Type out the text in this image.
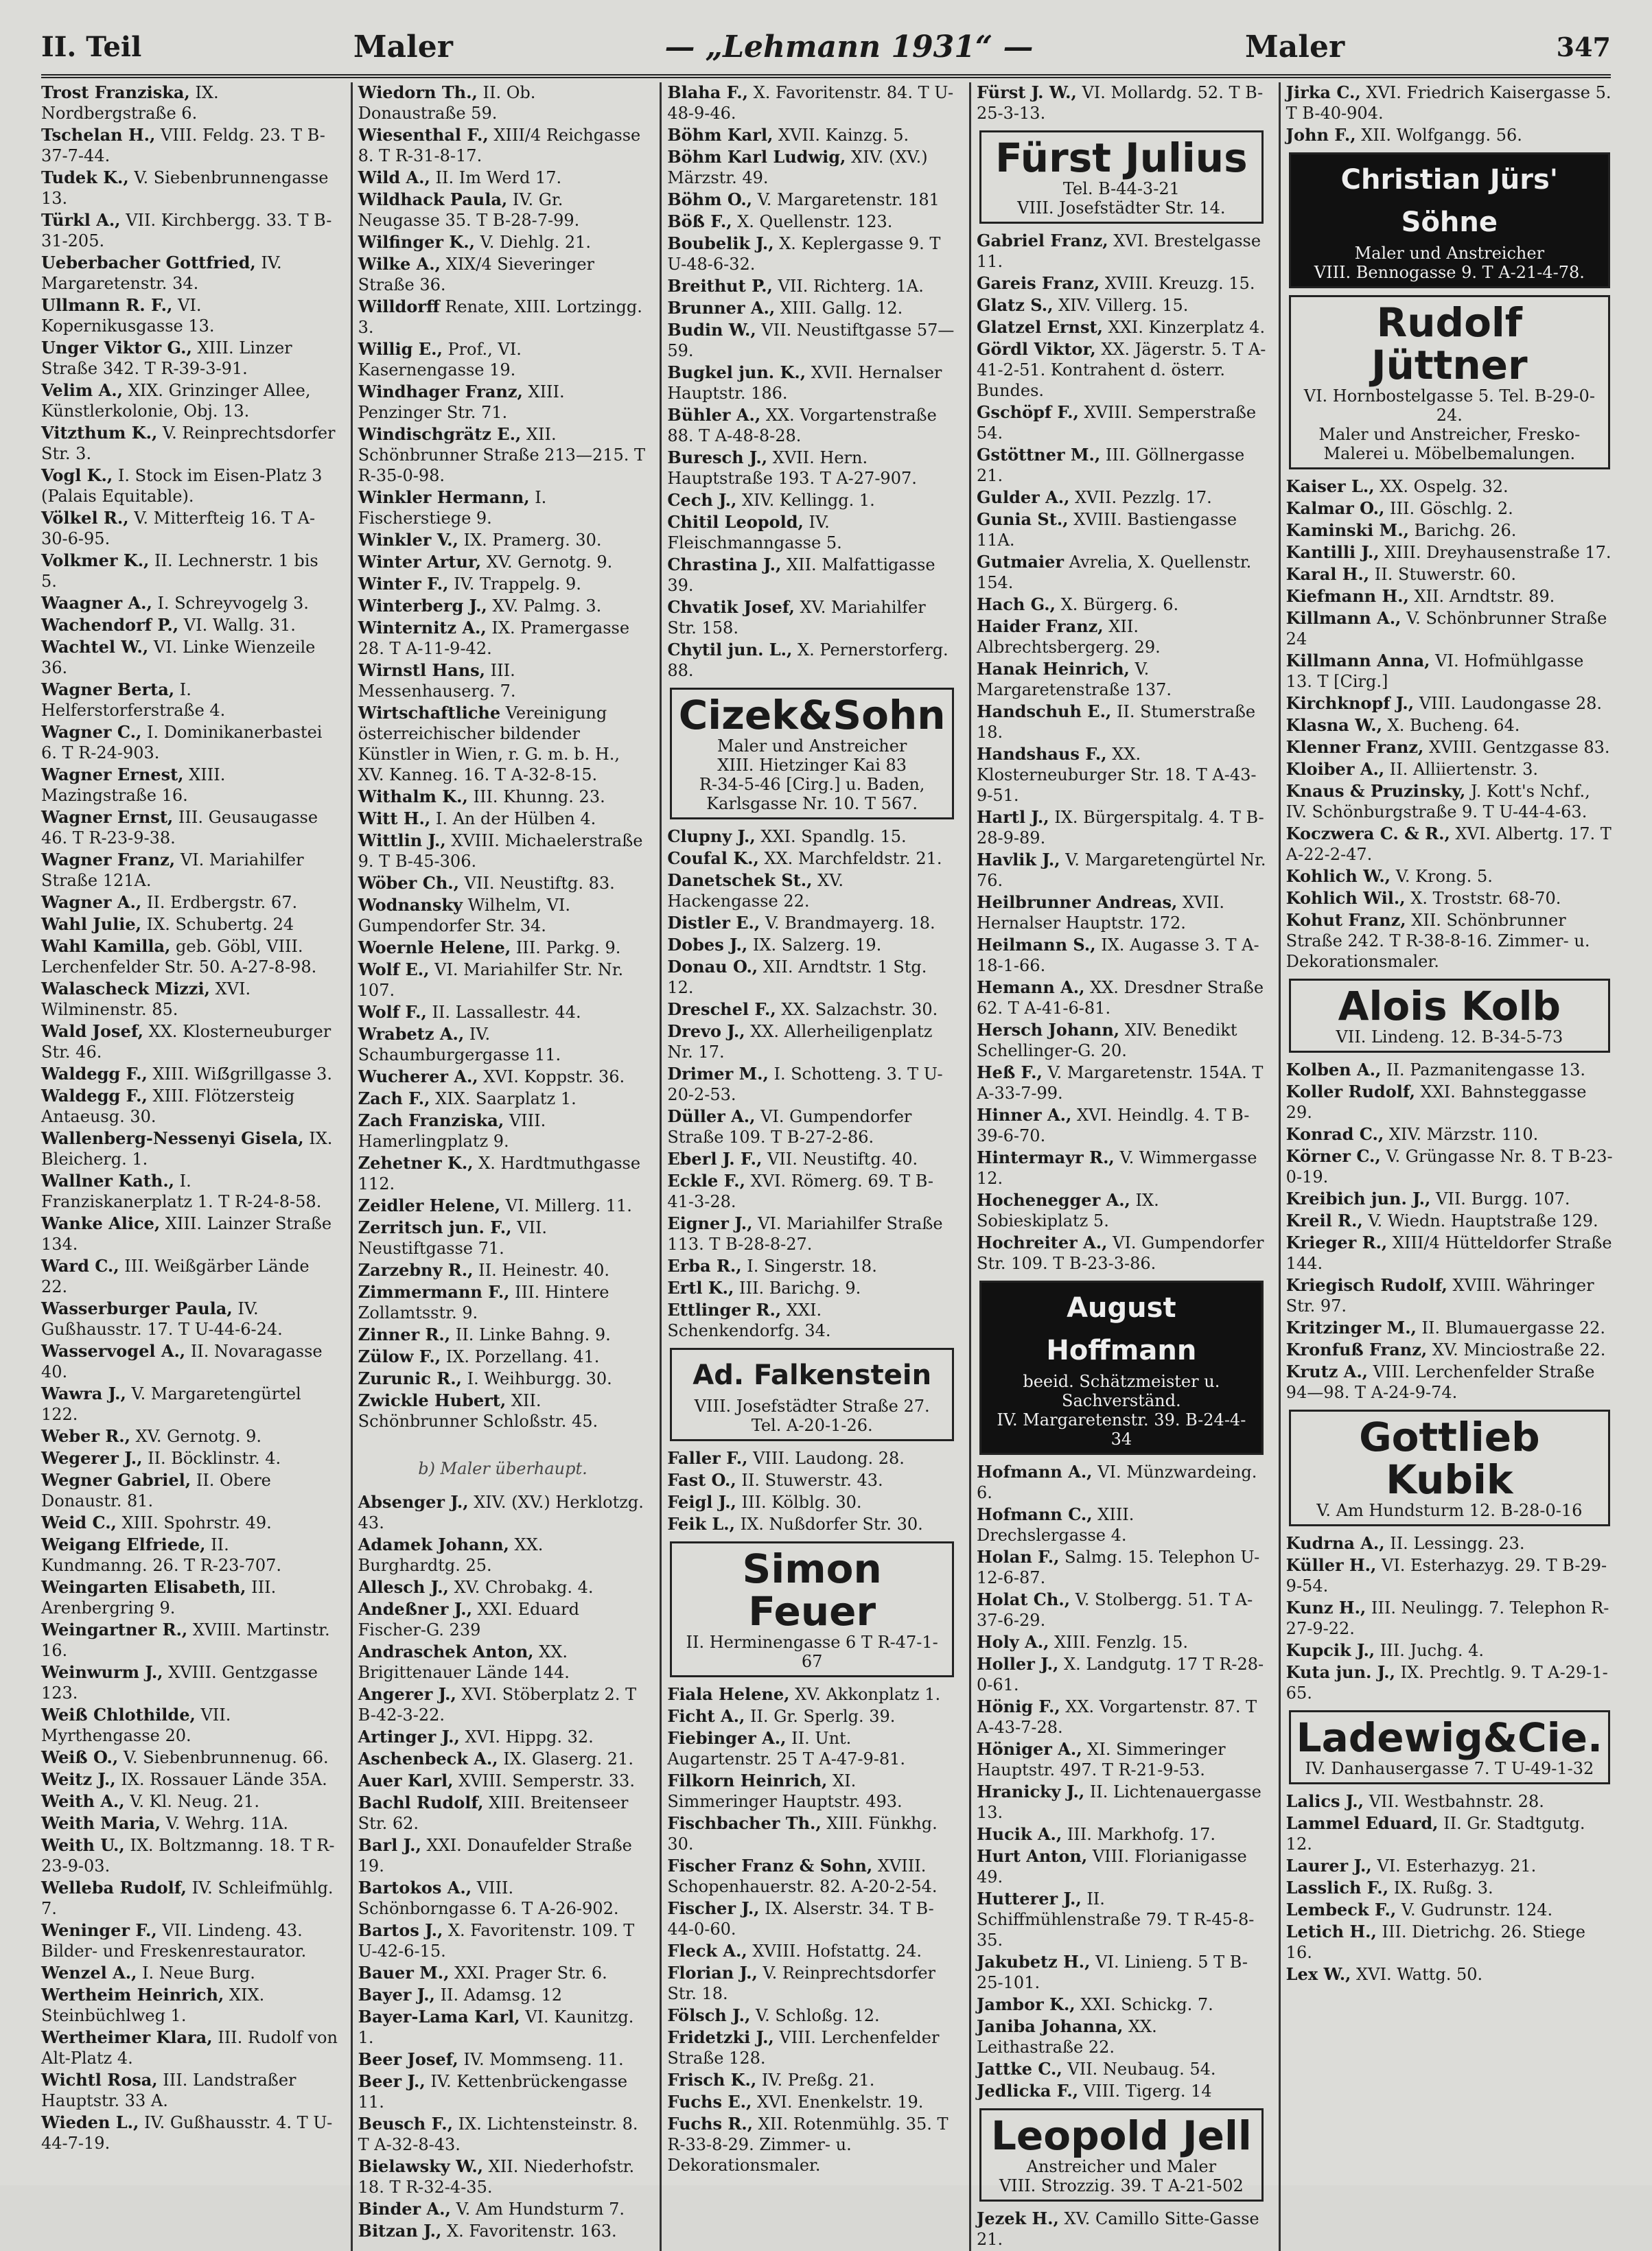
II. Teil	Maler	— „Lehmann 1931“ —	Maler	347
Trost Franziska, IX. Nordbergstraße 6.
Tschelan H., VIII. Feldg. 23. T B-37-7-44.
Tudek K., V. Siebenbrunnengasse 13.
Türkl A., VII. Kirchbergg. 33. T B-31-205.
Ueberbacher Gottfried, IV. Margaretenstr. 34.
Ullmann R. F., VI. Kopernikusgasse 13.
Unger Viktor G., XIII. Linzer Straße 342. T R-39-3-91.
Velim A., XIX. Grinzinger Allee, Künstlerkolonie, Obj. 13.
Vitzthum K., V. Reinprechtsdorfer Str. 3.
Vogl K., I. Stock im Eisen-Platz 3 (Palais Equitable).
Völkel R., V. Mitterfteig 16. T A-30-6-95.
Volkmer K., II. Lechnerstr. 1 bis 5.
Waagner A., I. Schreyvogelg 3.
Wachendorf P., VI. Wallg. 31.
Wachtel W., VI. Linke Wienzeile 36.
Wagner Berta, I. Helferstorferstraße 4.
Wagner C., I. Dominikanerbastei 6. T R-24-903.
Wagner Ernest, XIII. Mazingstraße 16.
Wagner Ernst, III. Geusaugasse 46. T R-23-9-38.
Wagner Franz, VI. Mariahilfer Straße 121A.
Wagner A., II. Erdbergstr. 67.
Wahl Julie, IX. Schubertg. 24
Wahl Kamilla, geb. Göbl, VIII. Lerchenfelder Str. 50. A-27-8-98.
Walascheck Mizzi, XVI. Wilminenstr. 85.
Wald Josef, XX. Klosterneuburger Str. 46.
Waldegg F., XIII. Wiẞgrillgasse 3.
Waldegg F., XIII. Flötzersteig Antaeusg. 30.
Wallenberg-Nessenyi Gisela, IX. Bleicherg. 1.
Wallner Kath., I. Franziskanerplatz 1. T R-24-8-58.
Wanke Alice, XIII. Lainzer Straße 134.
Ward C., III. Weißgärber Lände 22.
Wasserburger Paula, IV. Gußhausstr. 17. T U-44-6-24.
Wasservogel A., II. Novaragasse 40.
Wawra J., V. Margaretengürtel 122.
Weber R., XV. Gernotg. 9.
Wegerer J., II. Böcklinstr. 4.
Wegner Gabriel, II. Obere Donaustr. 81.
Weid C., XIII. Spohrstr. 49.
Weigang Elfriede, II. Kundmanng. 26. T R-23-707.
Weingarten Elisabeth, III. Arenbergring 9.
Weingartner R., XVIII. Martinstr. 16.
Weinwurm J., XVIII. Gentzgasse 123.
Weiß Chlothilde, VII. Myrthengasse 20.
Weiß O., V. Siebenbrunnenug. 66.
Weitz J., IX. Rossauer Lände 35A.
Weith A., V. Kl. Neug. 21.
Weith Maria, V. Wehrg. 11A.
Weith U., IX. Boltzmanng. 18. T R-23-9-03.
Welleba Rudolf, IV. Schleifmühlg. 7.
Weninger F., VII. Lindeng. 43. Bilder- und Freskenrestaurator.
Wenzel A., I. Neue Burg.
Wertheim Heinrich, XIX. Steinbüchlweg 1.
Wertheimer Klara, III. Rudolf von Alt-Platz 4.
Wichtl Rosa, III. Landstraßer Hauptstr. 33 A.
Wieden L., IV. Gußhausstr. 4. T U-44-7-19.
Wiedorn Th., II. Ob. Donaustraße 59.
Wiesenthal F., XIII/4 Reichgasse 8. T R-31-8-17.
Wild A., II. Im Werd 17.
Wildhack Paula, IV. Gr. Neugasse 35. T B-28-7-99.
Wilfinger K., V. Diehlg. 21.
Wilke A., XIX/4 Sieveringer Straße 36.
Willdorff Renate, XIII. Lortzingg. 3.
Willig E., Prof., VI. Kasernengasse 19.
Windhager Franz, XIII. Penzinger Str. 71.
Windischgrätz E., XII. Schönbrunner Straße 213—215. T R-35-0-98.
Winkler Hermann, I. Fischerstiege 9.
Winkler V., IX. Pramerg. 30.
Winter Artur, XV. Gernotg. 9.
Winter F., IV. Trappelg. 9.
Winterberg J., XV. Palmg. 3.
Winternitz A., IX. Pramergasse 28. T A-11-9-42.
Wirnstl Hans, III. Messenhauserg. 7.
Wirtschaftliche Vereinigung österreichischer bildender Künstler in Wien, r. G. m. b. H., XV. Kanneg. 16. T A-32-8-15.
Withalm K., III. Khunng. 23.
Witt H., I. An der Hülben 4.
Wittlin J., XVIII. Michaelerstraße 9. T B-45-306.
Wöber Ch., VII. Neustiftg. 83.
Wodnansky Wilhelm, VI. Gumpendorfer Str. 34.
Woernle Helene, III. Parkg. 9.
Wolf E., VI. Mariahilfer Str. Nr. 107.
Wolf F., II. Lassallestr. 44.
Wrabetz A., IV. Schaumburgergasse 11.
Wucherer A., XVI. Koppstr. 36.
Zach F., XIX. Saarplatz 1.
Zach Franziska, VIII. Hamerlingplatz 9.
Zehetner K., X. Hardtmuthgasse 112.
Zeidler Helene, VI. Millerg. 11.
Zerritsch jun. F., VII. Neustiftgasse 71.
Zarzebny R., II. Heinestr. 40.
Zimmermann F., III. Hintere Zollamtsstr. 9.
Zinner R., II. Linke Bahng. 9.
Zülow F., IX. Porzellang. 41.
Zurunic R., I. Weihburgg. 30.
Zwickle Hubert, XII. Schönbrunner Schloßstr. 45.
b) Maler überhaupt.
Absenger J., XIV. (XV.) Herklotzg. 43.
Adamek Johann, XX. Burghardtg. 25.
Allesch J., XV. Chrobakg. 4.
Andeßner J., XXI. Eduard Fischer-G. 239
Andraschek Anton, XX. Brigittenauer Lände 144.
Angerer J., XVI. Stöberplatz 2. T B-42-3-22.
Artinger J., XVI. Hippg. 32.
Aschenbeck A., IX. Glaserg. 21.
Auer Karl, XVIII. Semperstr. 33.
Bachl Rudolf, XIII. Breitenseer Str. 62.
Barl J., XXI. Donaufelder Straße 19.
Bartokos A., VIII. Schönborngasse 6. T A-26-902.
Bartos J., X. Favoritenstr. 109. T U-42-6-15.
Bauer M., XXI. Prager Str. 6.
Bayer J., II. Adamsg. 12
Bayer-Lama Karl, VI. Kaunitzg. 1.
Beer Josef, IV. Mommseng. 11.
Beer J., IV. Kettenbrückengasse 11.
Beusch F., IX. Lichtensteinstr. 8. T A-32-8-43.
Bielawsky W., XII. Niederhofstr. 18. T R-32-4-35.
Binder A., V. Am Hundsturm 7.
Bitzan J., X. Favoritenstr. 163.
Blaha F., X. Favoritenstr. 84. T U-48-9-46.
Böhm Karl, XVII. Kainzg. 5.
Böhm Karl Ludwig, XIV. (XV.) Märzstr. 49.
Böhm O., V. Margaretenstr. 181
Böß F., X. Quellenstr. 123.
Boubelik J., X. Keplergasse 9. T U-48-6-32.
Breithut P., VII. Richterg. 1A.
Brunner A., XIII. Gallg. 12.
Budin W., VII. Neustiftgasse 57—59.
Bugkel jun. K., XVII. Hernalser Hauptstr. 186.
Bühler A., XX. Vorgartenstraße 88. T A-48-8-28.
Buresch J., XVII. Hern. Hauptstraße 193. T A-27-907.
Cech J., XIV. Kellingg. 1.
Chitil Leopold, IV. Fleischmanngasse 5.
Chrastina J., XII. Malfattigasse 39.
Chvatik Josef, XV. Mariahilfer Str. 158.
Chytil jun. L., X. Pernerstorferg. 88.
Cizek&Sohn
Maler und Anstreicher
XIII. Hietzinger Kai 83
R-34-5-46 [Cirg.] u. Baden,
Karlsgasse Nr. 10. T 567.
Clupny J., XXI. Spandlg. 15.
Coufal K., XX. Marchfeldstr. 21.
Danetschek St., XV. Hackengasse 22.
Distler E., V. Brandmayerg. 18.
Dobes J., IX. Salzerg. 19.
Donau O., XII. Arndtstr. 1 Stg. 12.
Dreschel F., XX. Salzachstr. 30.
Drevo J., XX. Allerheiligenplatz Nr. 17.
Drimer M., I. Schotteng. 3. T U-20-2-53.
Düller A., VI. Gumpendorfer Straße 109. T B-27-2-86.
Eberl J. F., VII. Neustiftg. 40.
Eckle F., XVI. Römerg. 69. T B-41-3-28.
Eigner J., VI. Mariahilfer Straße 113. T B-28-8-27.
Erba R., I. Singerstr. 18.
Ertl K., III. Barichg. 9.
Ettlinger R., XXI. Schenkendorfg. 34.
Ad. Falkenstein
VIII. Josefstädter Straße 27. Tel. A-20-1-26.
Faller F., VIII. Laudong. 28.
Fast O., II. Stuwerstr. 43.
Feigl J., III. Kölblg. 30.
Feik L., IX. Nußdorfer Str. 30.
Simon Feuer
II. Herminengasse 6 T R-47-1-67
Fiala Helene, XV. Akkonplatz 1.
Ficht A., II. Gr. Sperlg. 39.
Fiebinger A., II. Unt. Augartenstr. 25 T A-47-9-81.
Filkorn Heinrich, XI. Simmeringer Hauptstr. 493.
Fischbacher Th., XIII. Fünkhg. 30.
Fischer Franz & Sohn, XVIII. Schopenhauerstr. 82. A-20-2-54.
Fischer J., IX. Alserstr. 34. T B-44-0-60.
Fleck A., XVIII. Hofstattg. 24.
Florian J., V. Reinprechtsdorfer Str. 18.
Fölsch J., V. Schloßg. 12.
Fridetzki J., VIII. Lerchenfelder Straße 128.
Frisch K., IV. Preßg. 21.
Fuchs E., XVI. Enenkelstr. 19.
Fuchs R., XII. Rotenmühlg. 35. T R-33-8-29. Zimmer- u. Dekorationsmaler.
Fürst J. W., VI. Mollardg. 52. T B-25-3-13.
Fürst Julius
Tel. B-44-3-21
VIII. Josefstädter Str. 14.
Gabriel Franz, XVI. Brestelgasse 11.
Gareis Franz, XVIII. Kreuzg. 15.
Glatz S., XIV. Villerg. 15.
Glatzel Ernst, XXI. Kinzerplatz 4.
Gördl Viktor, XX. Jägerstr. 5. T A-41-2-51. Kontrahent d. österr. Bundes.
Gschöpf F., XVIII. Semperstraße 54.
Gstöttner M., III. Göllnergasse 21.
Gulder A., XVII. Pezzlg. 17.
Gunia St., XVIII. Bastiengasse 11A.
Gutmaier Avrelia, X. Quellenstr. 154.
Hach G., X. Bürgerg. 6.
Haider Franz, XII. Albrechtsbergerg. 29.
Hanak Heinrich, V. Margaretenstraße 137.
Handschuh E., II. Stumerstraße 18.
Handshaus F., XX. Klosterneuburger Str. 18. T A-43-9-51.
Hartl J., IX. Bürgerspitalg. 4. T B-28-9-89.
Havlik J., V. Margaretengürtel Nr. 76.
Heilbrunner Andreas, XVII. Hernalser Hauptstr. 172.
Heilmann S., IX. Augasse 3. T A-18-1-66.
Hemann A., XX. Dresdner Straße 62. T A-41-6-81.
Hersch Johann, XIV. Benedikt Schellinger-G. 20.
Heß F., V. Margaretenstr. 154A. T A-33-7-99.
Hinner A., XVI. Heindlg. 4. T B-39-6-70.
Hintermayr R., V. Wimmergasse 12.
Hochenegger A., IX. Sobieskiplatz 5.
Hochreiter A., VI. Gumpendorfer Str. 109. T B-23-3-86.
August Hoffmann
beeid. Schätzmeister u. Sachverständ.
IV. Margaretenstr. 39. B-24-4-34
Hofmann A., VI. Münzwardeing. 6.
Hofmann C., XIII. Drechslergasse 4.
Holan F., Salmg. 15. Telephon U-12-6-87.
Holat Ch., V. Stolbergg. 51. T A-37-6-29.
Holy A., XIII. Fenzlg. 15.
Holler J., X. Landgutg. 17 T R-28-0-61.
Hönig F., XX. Vorgartenstr. 87. T A-43-7-28.
Höniger A., XI. Simmeringer Hauptstr. 497. T R-21-9-53.
Hranicky J., II. Lichtenauergasse 13.
Hucik A., III. Markhofg. 17.
Hurt Anton, VIII. Florianigasse 49.
Hutterer J., II. Schiffmühlenstraße 79. T R-45-8-35.
Jakubetz H., VI. Linieng. 5 T B-25-101.
Jambor K., XXI. Schickg. 7.
Janiba Johanna, XX. Leithastraße 22.
Jattke C., VII. Neubaug. 54.
Jedlicka F., VIII. Tigerg. 14
Leopold Jell
Anstreicher und Maler
VIII. Strozzig. 39. T A-21-502
Jezek H., XV. Camillo Sitte-Gasse 21.
Jirka C., XVI. Friedrich Kaisergasse 5. T B-40-904.
John F., XII. Wolfgangg. 56.
Christian Jürs' Söhne
Maler und Anstreicher
VIII. Bennogasse 9. T A-21-4-78.
Rudolf Jüttner
VI. Hornbostelgasse 5. Tel. B-29-0-24.
Maler und Anstreicher, Fresko-
Malerei u. Möbelbemalungen.
Kaiser L., XX. Ospelg. 32.
Kalmar O., III. Göschlg. 2.
Kaminski M., Barichg. 26.
Kantilli J., XIII. Dreyhausenstraße 17.
Karal H., II. Stuwerstr. 60.
Kiefmann H., XII. Arndtstr. 89.
Killmann A., V. Schönbrunner Straße 24
Killmann Anna, VI. Hofmühlgasse 13. T [Cirg.]
Kirchknopf J., VIII. Laudongasse 28.
Klasna W., X. Bucheng. 64.
Klenner Franz, XVIII. Gentzgasse 83.
Kloiber A., II. Alliiertenstr. 3.
Knaus & Pruzinsky, J. Kott's Nchf., IV. Schönburgstraße 9. T U-44-4-63.
Koczwera C. & R., XVI. Albertg. 17. T A-22-2-47.
Kohlich W., V. Krong. 5.
Kohlich Wil., X. Troststr. 68-70.
Kohut Franz, XII. Schönbrunner Straße 242. T R-38-8-16. Zimmer- u. Dekorationsmaler.
Alois Kolb
VII. Lindeng. 12. B-34-5-73
Kolben A., II. Pazmanitengasse 13.
Koller Rudolf, XXI. Bahnsteggasse 29.
Konrad C., XIV. Märzstr. 110.
Körner C., V. Grüngasse Nr. 8. T B-23-0-19.
Kreibich jun. J., VII. Burgg. 107.
Kreil R., V. Wiedn. Hauptstraße 129.
Krieger R., XIII/4 Hütteldorfer Straße 144.
Kriegisch Rudolf, XVIII. Währinger Str. 97.
Kritzinger M., II. Blumauergasse 22.
Kronfuß Franz, XV. Minciostraße 22.
Krutz A., VIII. Lerchenfelder Straße 94—98. T A-24-9-74.
Gottlieb Kubik
V. Am Hundsturm 12. B-28-0-16
Kudrna A., II. Lessingg. 23.
Küller H., VI. Esterhazyg. 29. T B-29-9-54.
Kunz H., III. Neulingg. 7. Telephon R-27-9-22.
Kupcik J., III. Juchg. 4.
Kuta jun. J., IX. Prechtlg. 9. T A-29-1-65.
Ladewig&Cie.
IV. Danhausergasse 7. T U-49-1-32
Lalics J., VII. Westbahnstr. 28.
Lammel Eduard, II. Gr. Stadtgutg. 12.
Laurer J., VI. Esterhazyg. 21.
Lasslich F., IX. Rußg. 3.
Lembeck F., V. Gudrunstr. 124.
Letich H., III. Dietrichg. 26. Stiege 16.
Lex W., XVI. Wattg. 50.
